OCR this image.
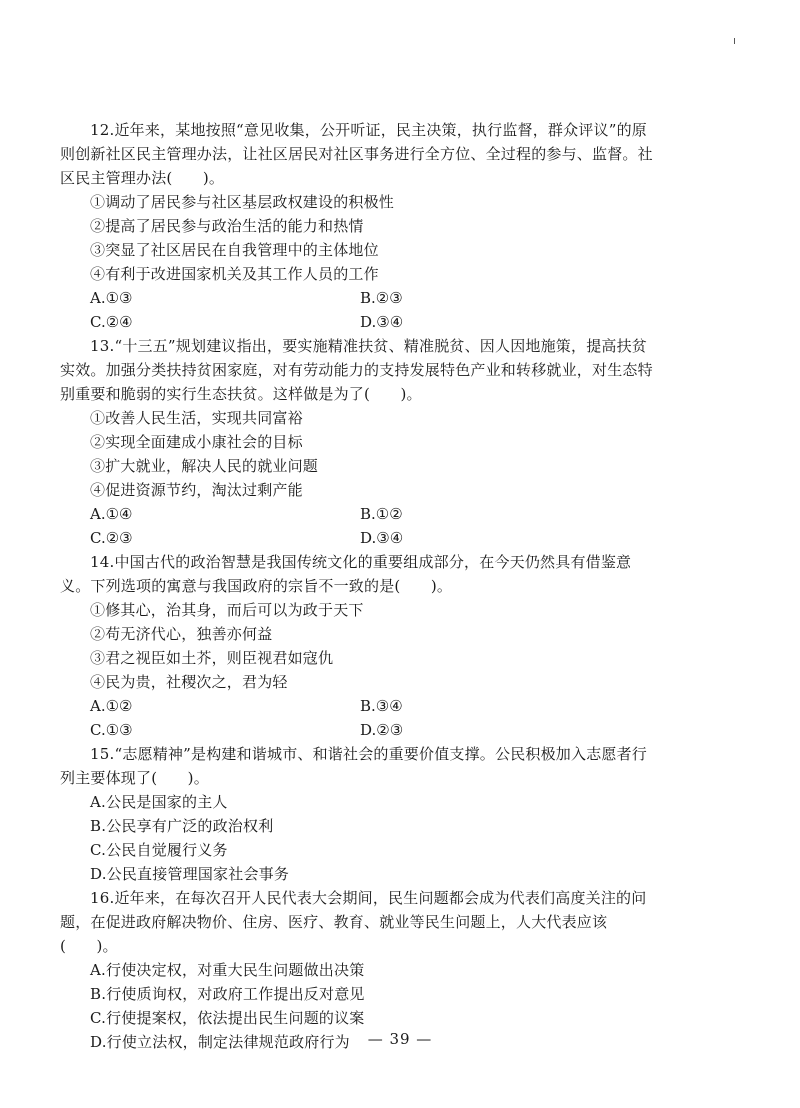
12.近年来，某地按照“意见收集，公开听证，民主决策，执行监督，群众评议”的原则创新社区民主管理办法，让社区居民对社区事务进行全方位、全过程的参与、监督。社区民主管理办法(　　)。

①调动了居民参与社区基层政权建设的积极性

②提高了居民参与政治生活的能力和热情

③突显了社区居民在自我管理中的主体地位

④有利于改进国家机关及其工作人员的工作

A.①③	B.②③
C.②④	D.③④

13.“十三五”规划建议指出，要实施精准扶贫、精准脱贫、因人因地施策，提高扶贫实效。加强分类扶持贫困家庭，对有劳动能力的支持发展特色产业和转移就业，对生态特别重要和脆弱的实行生态扶贫。这样做是为了(　　)。

①改善人民生活，实现共同富裕

②实现全面建成小康社会的目标

③扩大就业，解决人民的就业问题

④促进资源节约，淘汰过剩产能

A.①④	B.①②
C.②③	D.③④

14.中国古代的政治智慧是我国传统文化的重要组成部分，在今天仍然具有借鉴意义。下列选项的寓意与我国政府的宗旨不一致的是(　　)。

①修其心，治其身，而后可以为政于天下

②苟无济代心，独善亦何益

③君之视臣如土芥，则臣视君如寇仇

④民为贵，社稷次之，君为轻

A.①②	B.③④
C.①③	D.②③

15.“志愿精神”是构建和谐城市、和谐社会的重要价值支撑。公民积极加入志愿者行列主要体现了(　　)。

A.公民是国家的主人

B.公民享有广泛的政治权利

C.公民自觉履行义务

D.公民直接管理国家社会事务

16.近年来，在每次召开人民代表大会期间，民生问题都会成为代表们高度关注的问题，在促进政府解决物价、住房、医疗、教育、就业等民生问题上，人大代表应该(　　)。

A.行使决定权，对重大民生问题做出决策

B.行使质询权，对政府工作提出反对意见

C.行使提案权，依法提出民生问题的议案

D.行使立法权，制定法律规范政府行为	— 39 —
